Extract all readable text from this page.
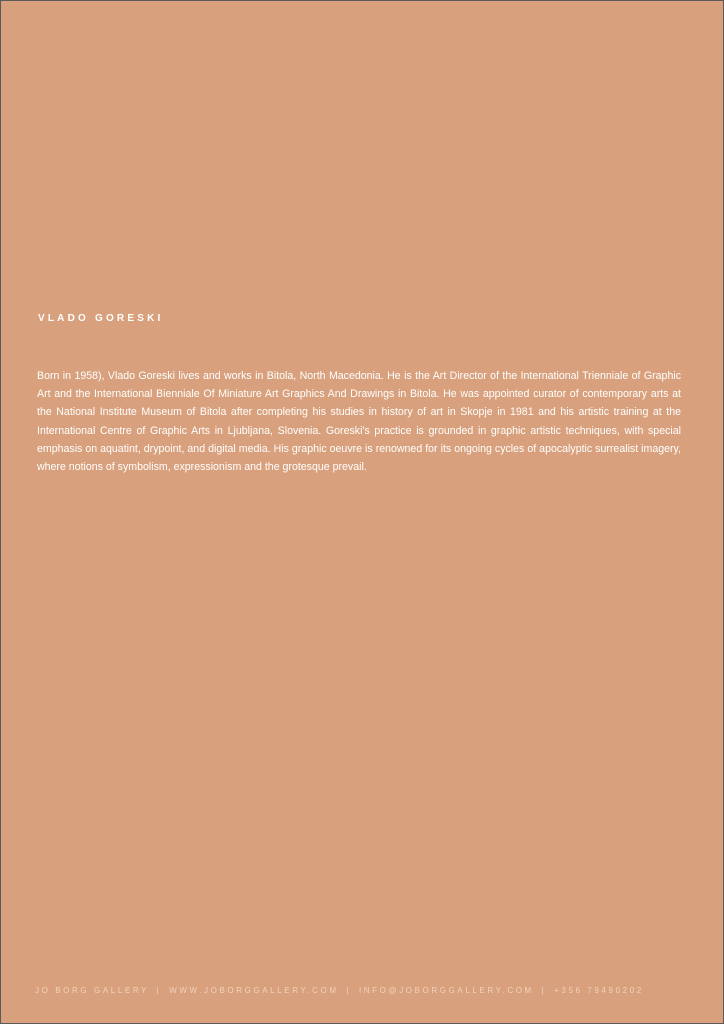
VLADO GORESKI

Born in 1958), Vlado Goreski lives and works in Bitola, North Macedonia. He is the Art Director of the International Trienniale of Graphic Art and the International Bienniale Of Miniature Art Graphics And Drawings in Bitola. He was appointed curator of contemporary arts at the National Institute Museum of Bitola after completing his studies in history of art in Skopje in 1981 and his artistic training at the International Centre of Graphic Arts in Ljubljana, Slovenia. Goreski's practice is grounded in graphic artistic techniques, with special emphasis on aquatint, drypoint, and digital media. His graphic oeuvre is renowned for its ongoing cycles of apocalyptic surrealist imagery, where notions of symbolism, expressionism and the grotesque prevail.

JO BORG GALLERY | WWW.JOBORGGALLERY.COM | INFO@JOBORGGALLERY.COM | +356 79490202
